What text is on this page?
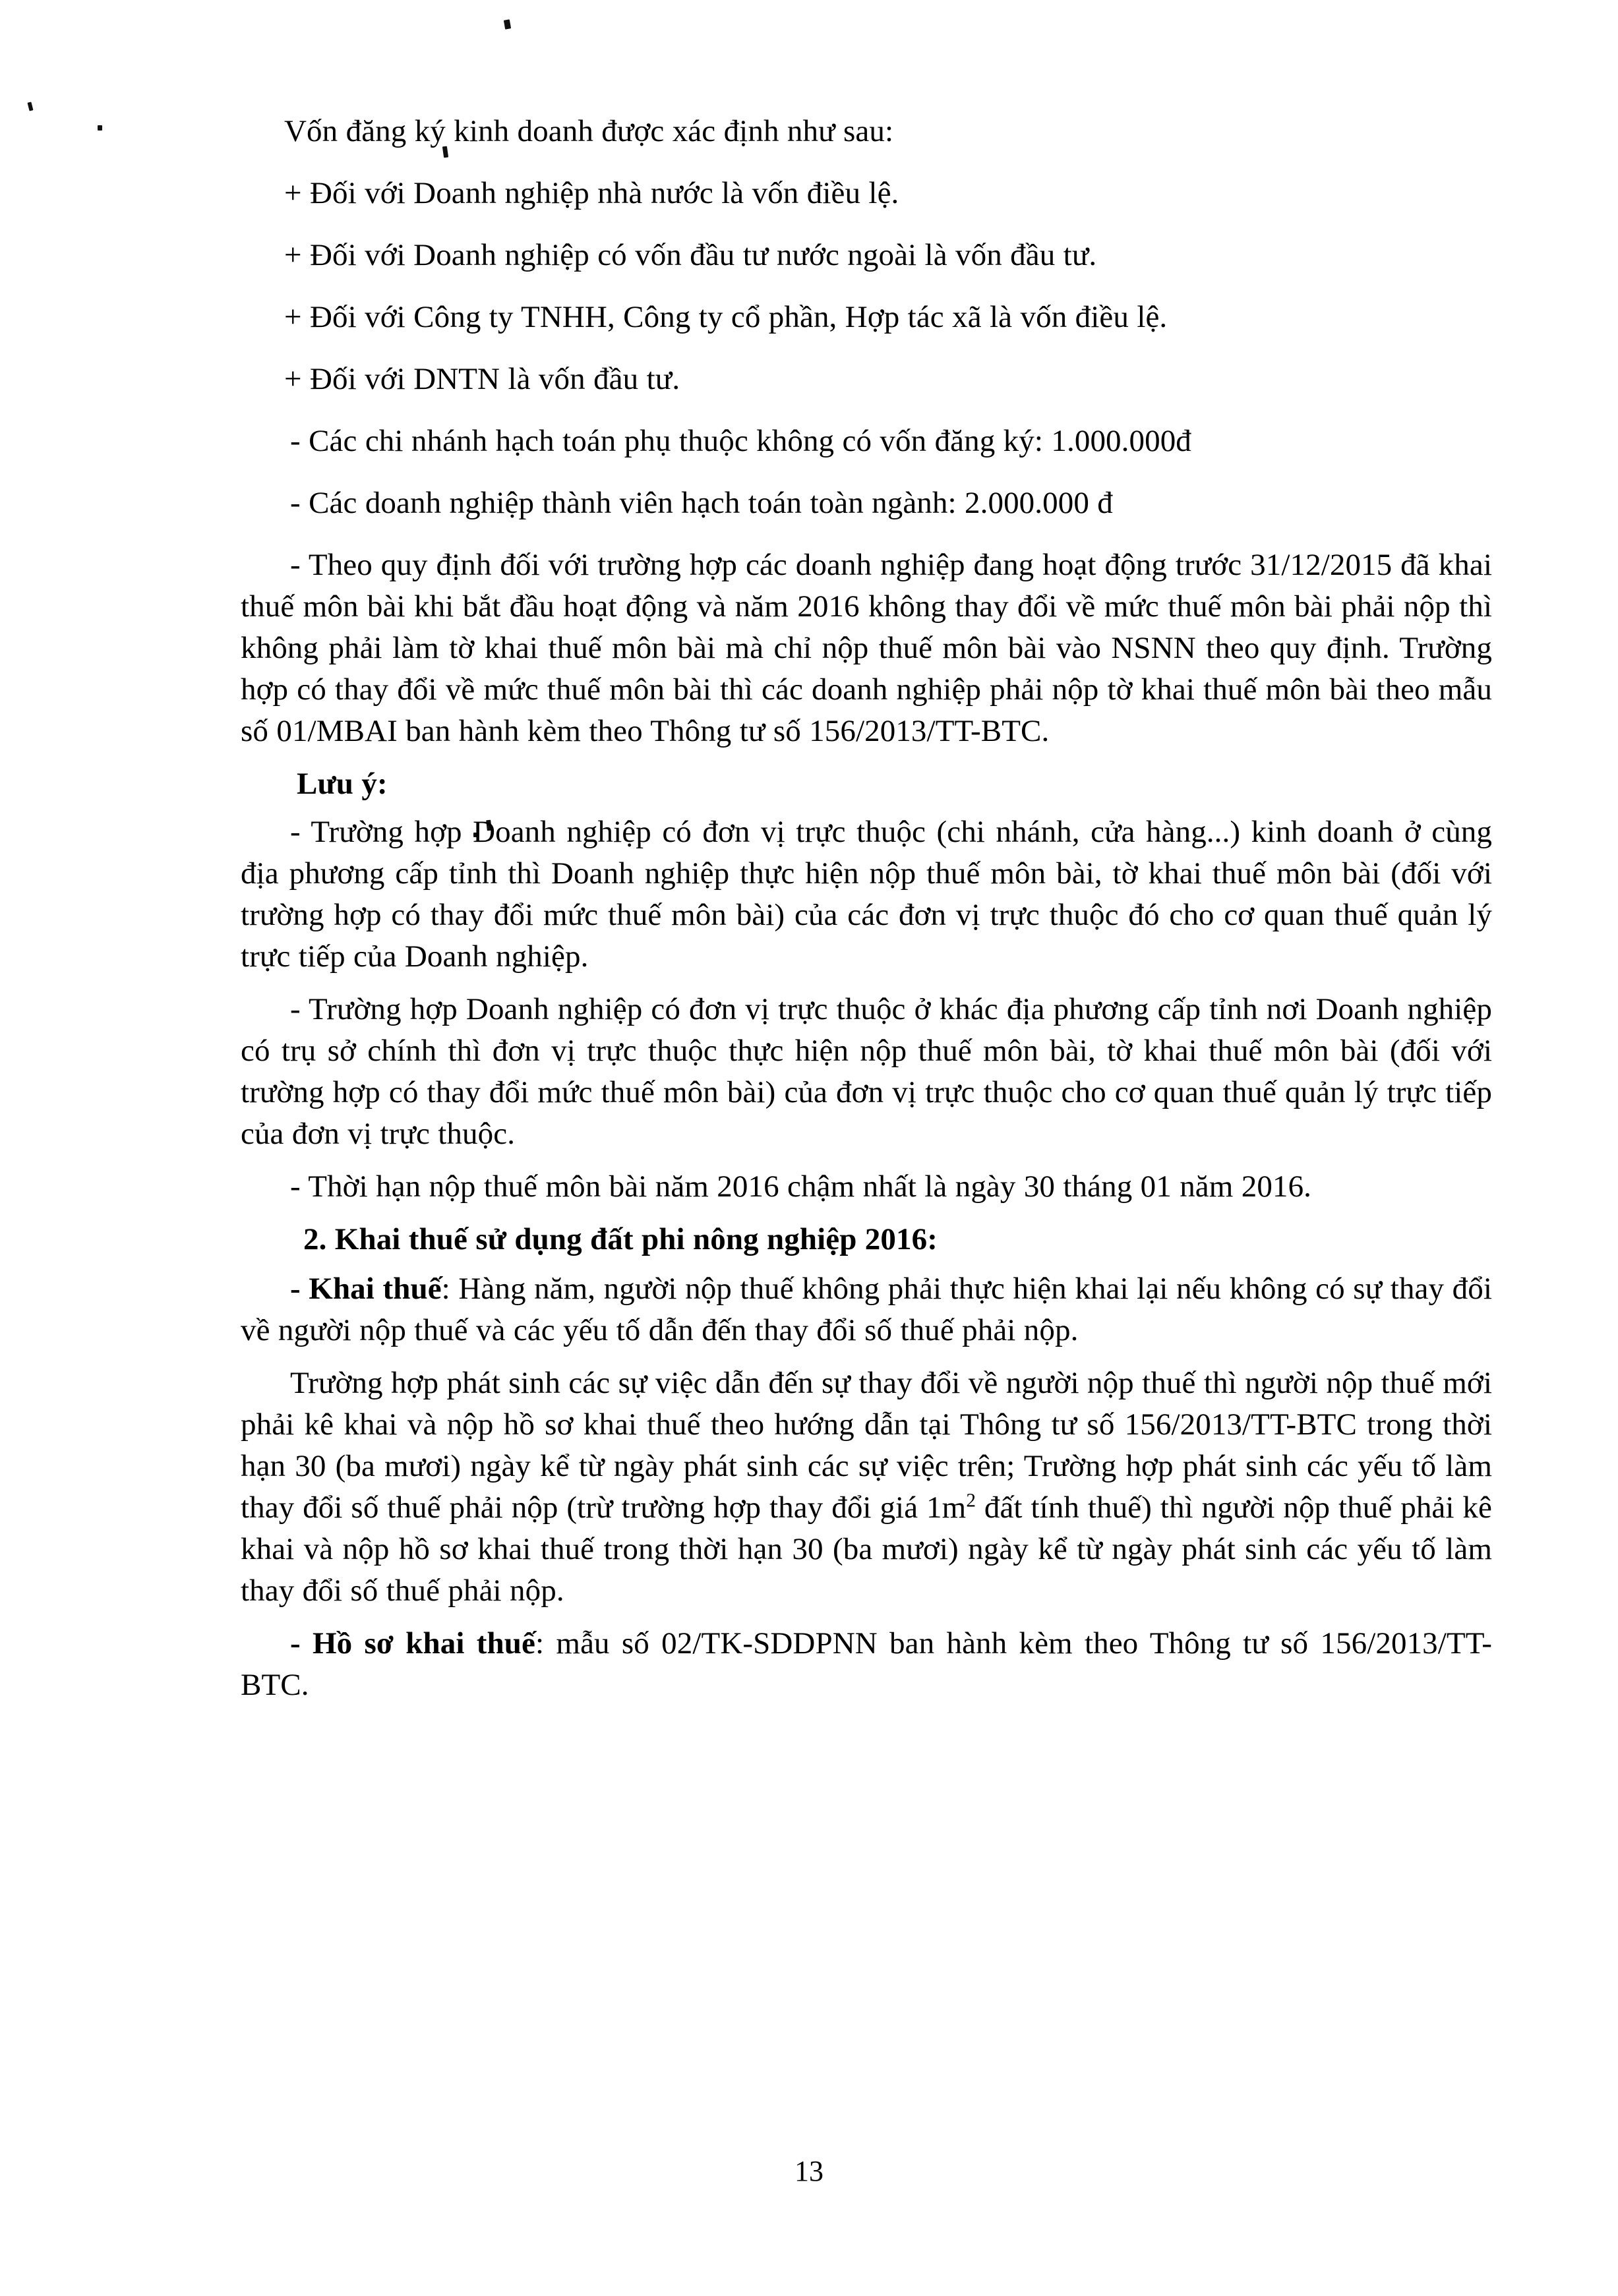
Vốn đăng ký kinh doanh được xác định như sau:

+ Đối với Doanh nghiệp nhà nước là vốn điều lệ.

+ Đối với Doanh nghiệp có vốn đầu tư nước ngoài là vốn đầu tư.

+ Đối với Công ty TNHH, Công ty cổ phần, Hợp tác xã là vốn điều lệ.

+ Đối với DNTN là vốn đầu tư.

- Các chi nhánh hạch toán phụ thuộc không có vốn đăng ký: 1.000.000đ

- Các doanh nghiệp thành viên hạch toán toàn ngành: 2.000.000 đ

- Theo quy định đối với trường hợp các doanh nghiệp đang hoạt động trước 31/12/2015 đã khai thuế môn bài khi bắt đầu hoạt động và năm 2016 không thay đổi về mức thuế môn bài phải nộp thì không phải làm tờ khai thuế môn bài mà chỉ nộp thuế môn bài vào NSNN theo quy định. Trường hợp có thay đổi về mức thuế môn bài thì các doanh nghiệp phải nộp tờ khai thuế môn bài theo mẫu số 01/MBAI ban hành kèm theo Thông tư số 156/2013/TT-BTC.

Lưu ý:

- Trường hợp Doanh nghiệp có đơn vị trực thuộc (chi nhánh, cửa hàng...) kinh doanh ở cùng địa phương cấp tỉnh thì Doanh nghiệp thực hiện nộp thuế môn bài, tờ khai thuế môn bài (đối với trường hợp có thay đổi mức thuế môn bài) của các đơn vị trực thuộc đó cho cơ quan thuế quản lý trực tiếp của Doanh nghiệp.

- Trường hợp Doanh nghiệp có đơn vị trực thuộc ở khác địa phương cấp tỉnh nơi Doanh nghiệp có trụ sở chính thì đơn vị trực thuộc thực hiện nộp thuế môn bài, tờ khai thuế môn bài (đối với trường hợp có thay đổi mức thuế môn bài) của đơn vị trực thuộc cho cơ quan thuế quản lý trực tiếp của đơn vị trực thuộc.

- Thời hạn nộp thuế môn bài năm 2016 chậm nhất là ngày 30 tháng 01 năm 2016.

2. Khai thuế sử dụng đất phi nông nghiệp 2016:

- Khai thuế: Hàng năm, người nộp thuế không phải thực hiện khai lại nếu không có sự thay đổi về người nộp thuế và các yếu tố dẫn đến thay đổi số thuế phải nộp.

Trường hợp phát sinh các sự việc dẫn đến sự thay đổi về người nộp thuế thì người nộp thuế mới phải kê khai và nộp hồ sơ khai thuế theo hướng dẫn tại Thông tư số 156/2013/TT-BTC trong thời hạn 30 (ba mươi) ngày kể từ ngày phát sinh các sự việc trên; Trường hợp phát sinh các yếu tố làm thay đổi số thuế phải nộp (trừ trường hợp thay đổi giá $1m^2$ đất tính thuế) thì người nộp thuế phải kê khai và nộp hồ sơ khai thuế trong thời hạn 30 (ba mươi) ngày kể từ ngày phát sinh các yếu tố làm thay đổi số thuế phải nộp.

- Hồ sơ khai thuế: mẫu số 02/TK-SDDPNN ban hành kèm theo Thông tư số 156/2013/TT-BTC.

13
